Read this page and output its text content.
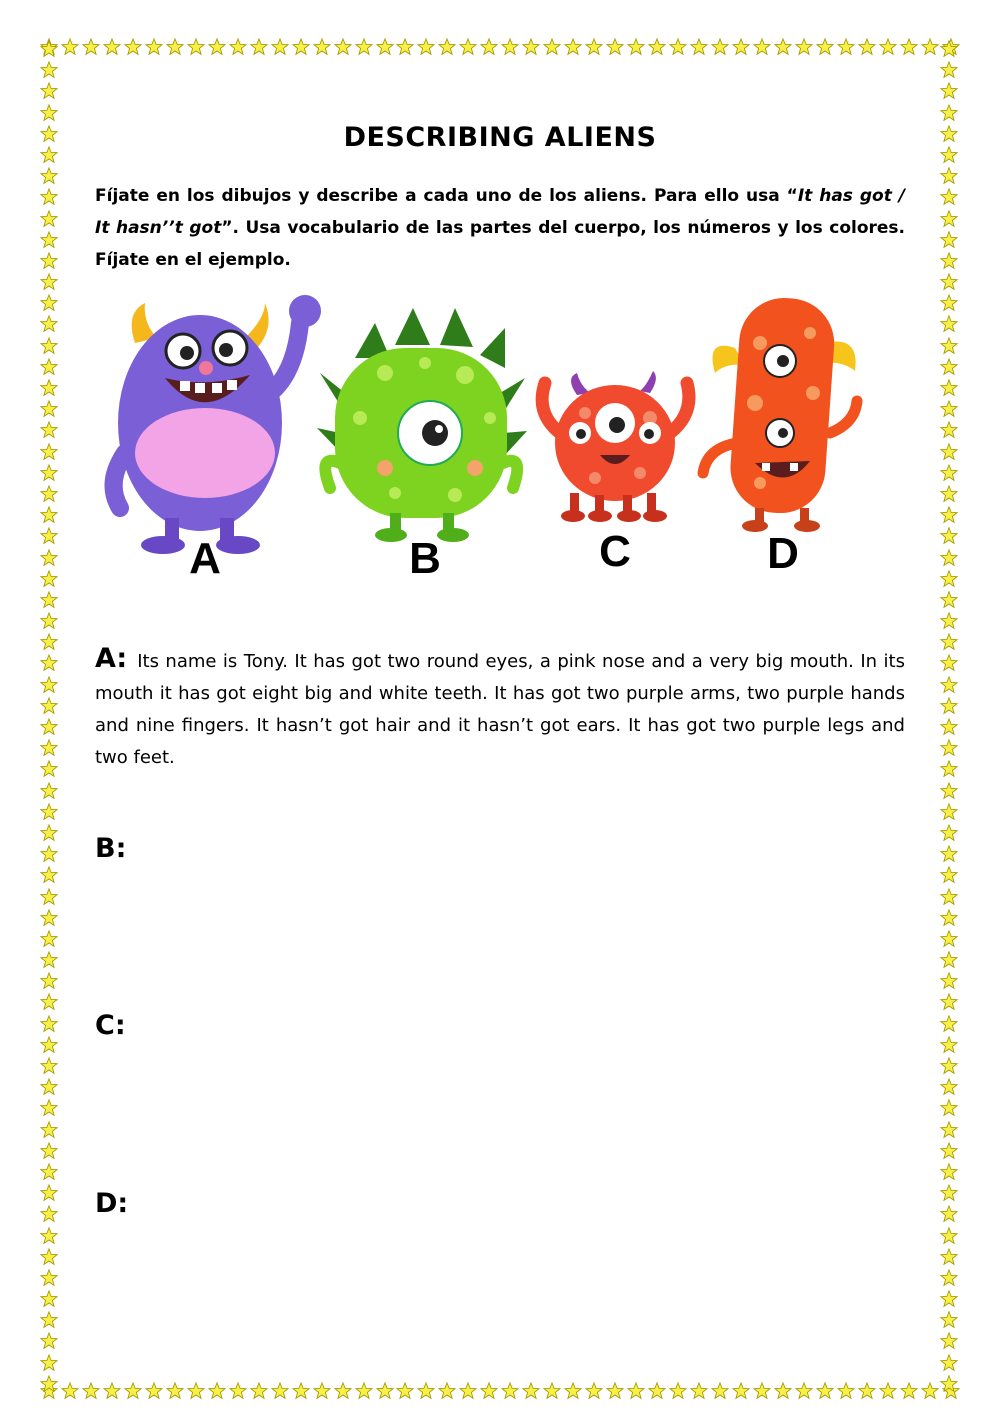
DESCRIBING ALIENS
Fíjate en los dibujos y describe a cada uno de los aliens. Para ello usa “It has got / It hasn’’t got”. Usa vocabulario de las partes del cuerpo, los números y los colores. Fíjate en el ejemplo.
A	B	C	D
A: Its name is Tony. It has got two round eyes, a pink nose and a very big mouth. In its mouth it has got eight big and white teeth. It has got two purple arms, two purple hands and nine fingers. It hasn’t got hair and it hasn’t got ears. It has got two purple legs and two feet.
B:
C:
D:
